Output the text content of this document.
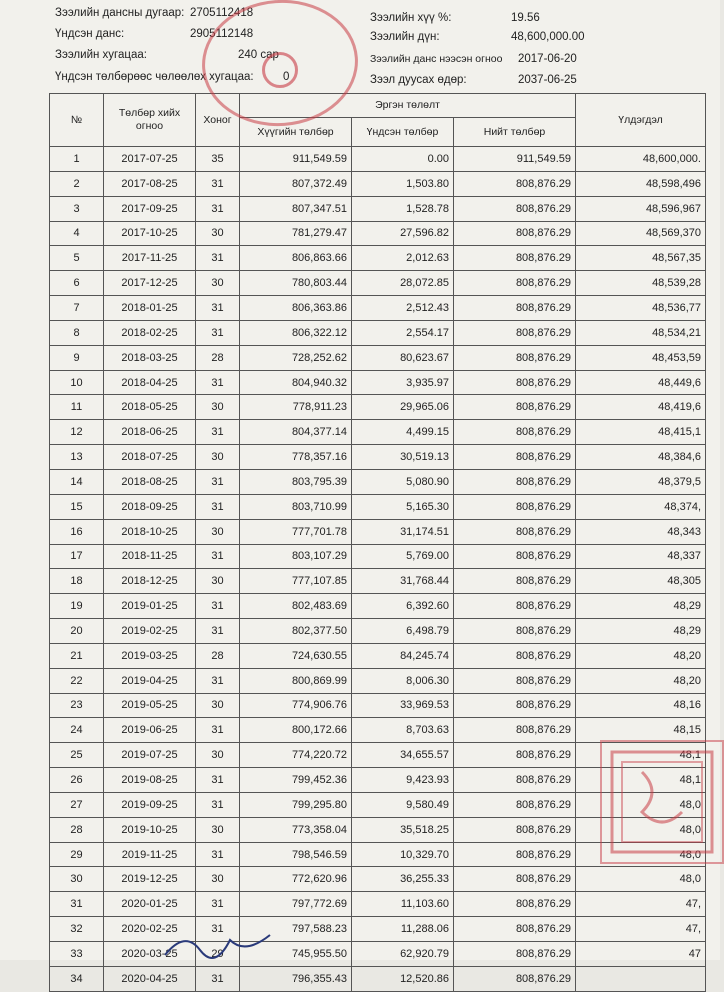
Зээлийн дансны дугаар: 2705112418
Үндсэн данс:	2905112148
Зээлийн хугацаа:	240 сар
Үндсэн төлбөрөөс чөлөөлөх хугацаа:	0
Зээлийн хүү %:	19.56
Зээлийн дүн:	48,600,000.00
Зээлийн данс нээсэн огноо 2017-06-20
Зээл дуусах өдөр:	2037-06-25
№	Төлбөр хийх огноо	Хоног	Эргэн төлөлт			Үлдэгдэл
			Хүүгийн төлбөр	Үндсэн төлбөр	Нийт төлбөр	
1	2017-07-25	35	911,549.59	0.00	911,549.59	48,600,000.
2	2017-08-25	31	807,372.49	1,503.80	808,876.29	48,598,496
3	2017-09-25	31	807,347.51	1,528.78	808,876.29	48,596,967
4	2017-10-25	30	781,279.47	27,596.82	808,876.29	48,569,370
5	2017-11-25	31	806,863.66	2,012.63	808,876.29	48,567,35
6	2017-12-25	30	780,803.44	28,072.85	808,876.29	48,539,28
7	2018-01-25	31	806,363.86	2,512.43	808,876.29	48,536,77
8	2018-02-25	31	806,322.12	2,554.17	808,876.29	48,534,21
9	2018-03-25	28	728,252.62	80,623.67	808,876.29	48,453,59
10	2018-04-25	31	804,940.32	3,935.97	808,876.29	48,449,6
11	2018-05-25	30	778,911.23	29,965.06	808,876.29	48,419,6
12	2018-06-25	31	804,377.14	4,499.15	808,876.29	48,415,1
13	2018-07-25	30	778,357.16	30,519.13	808,876.29	48,384,6
14	2018-08-25	31	803,795.39	5,080.90	808,876.29	48,379,5
15	2018-09-25	31	803,710.99	5,165.30	808,876.29	48,374,
16	2018-10-25	30	777,701.78	31,174.51	808,876.29	48,343
17	2018-11-25	31	803,107.29	5,769.00	808,876.29	48,337
18	2018-12-25	30	777,107.85	31,768.44	808,876.29	48,305
19	2019-01-25	31	802,483.69	6,392.60	808,876.29	48,29
20	2019-02-25	31	802,377.50	6,498.79	808,876.29	48,29
21	2019-03-25	28	724,630.55	84,245.74	808,876.29	48,20
22	2019-04-25	31	800,869.99	8,006.30	808,876.29	48,20
23	2019-05-25	30	774,906.76	33,969.53	808,876.29	48,16
24	2019-06-25	31	800,172.66	8,703.63	808,876.29	48,15
25	2019-07-25	30	774,220.72	34,655.57	808,876.29	48,1
26	2019-08-25	31	799,452.36	9,423.93	808,876.29	48,1
27	2019-09-25	31	799,295.80	9,580.49	808,876.29	48,0
28	2019-10-25	30	773,358.04	35,518.25	808,876.29	48,0
29	2019-11-25	31	798,546.59	10,329.70	808,876.29	48,0
30	2019-12-25	30	772,620.96	36,255.33	808,876.29	48,0
31	2020-01-25	31	797,772.69	11,103.60	808,876.29	47,
32	2020-02-25	31	797,588.23	11,288.06	808,876.29	47,
33	2020-03-25	29	745,955.50	62,920.79	808,876.29	47
34	2020-04-25	31	796,355.43	12,520.86	808,876.29	
